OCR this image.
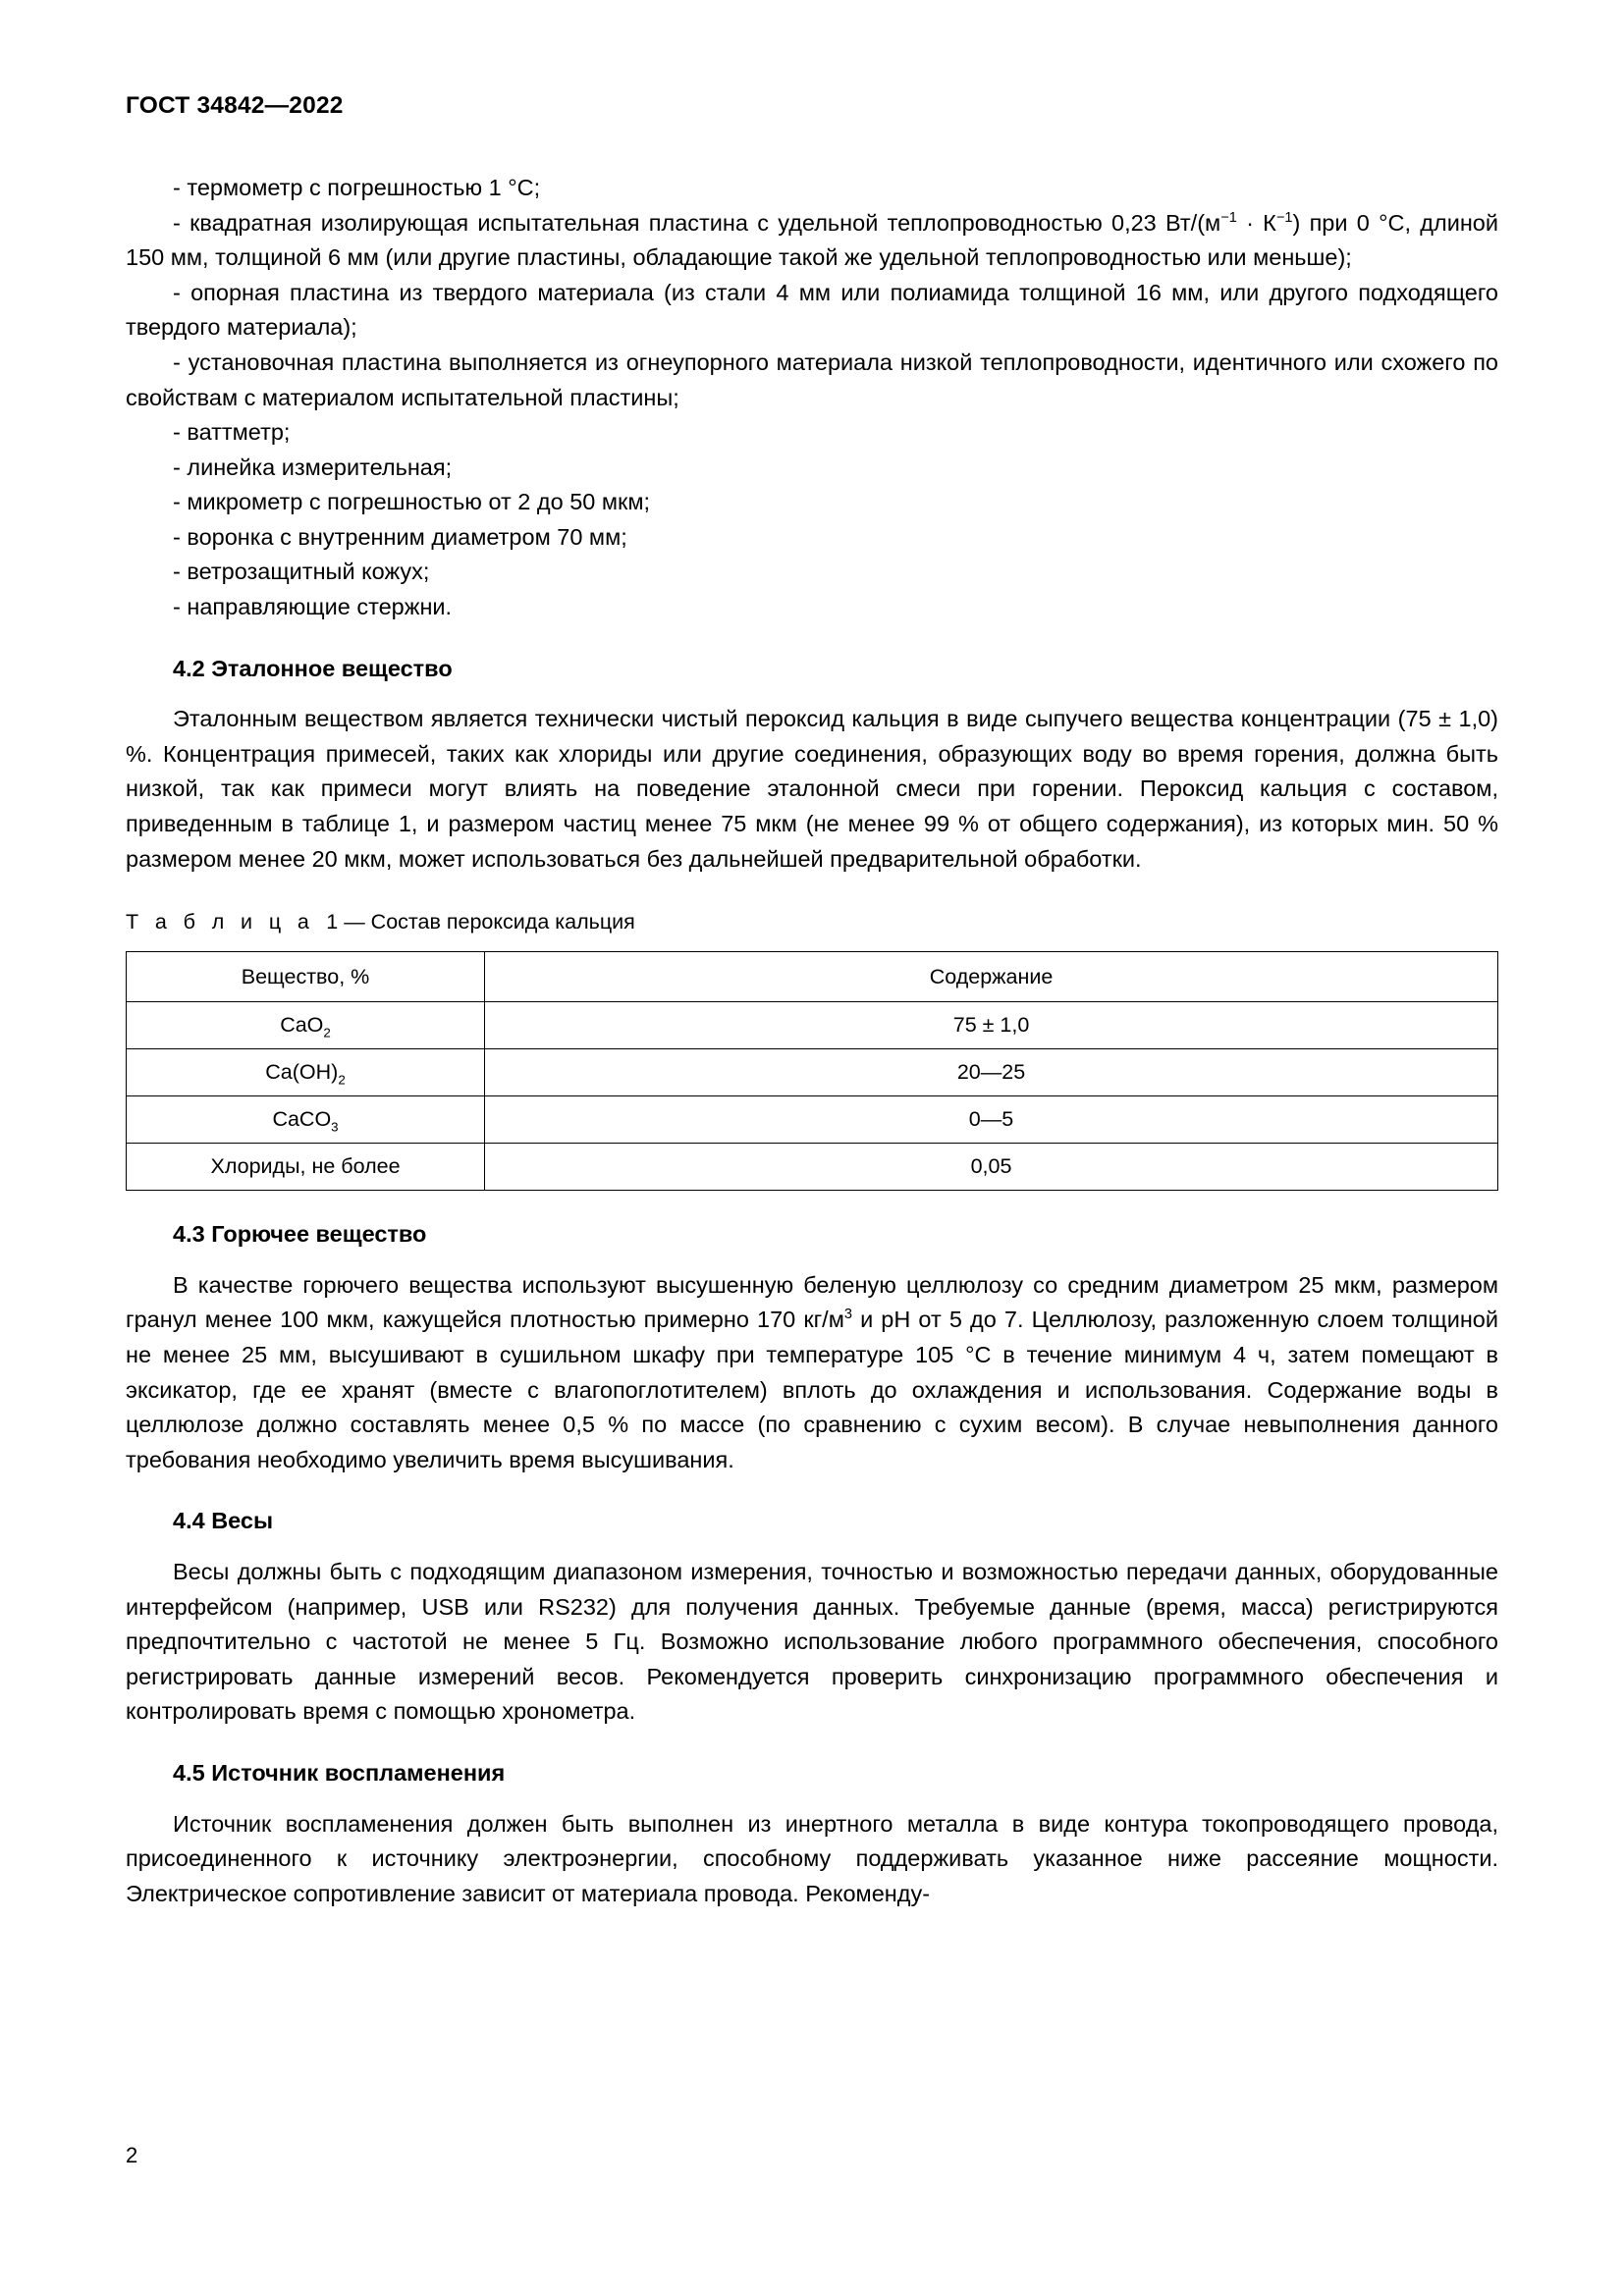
ГОСТ 34842—2022

- термометр с погрешностью 1 °C;

- квадратная изолирующая испытательная пластина с удельной теплопроводностью 0,23 $Вт/(м^{-1} \cdot К^{-1})$ при 0 °C, длиной 150 мм, толщиной 6 мм (или другие пластины, обладающие такой же удельной теплопроводностью или меньше);

- опорная пластина из твердого материала (из стали 4 мм или полиамида толщиной 16 мм, или другого подходящего твердого материала);

- установочная пластина выполняется из огнеупорного материала низкой теплопроводности, идентичного или схожего по свойствам с материалом испытательной пластины;

- ваттметр;

- линейка измерительная;

- микрометр с погрешностью от 2 до 50 мкм;

- воронка с внутренним диаметром 70 мм;

- ветрозащитный кожух;

- направляющие стержни.

4.2 Эталонное вещество

Эталонным веществом является технически чистый пероксид кальция в виде сыпучего вещества концентрации (75 ± 1,0) %. Концентрация примесей, таких как хлориды или другие соединения, образующих воду во время горения, должна быть низкой, так как примеси могут влиять на поведение эталонной смеси при горении. Пероксид кальция с составом, приведенным в таблице 1, и размером частиц менее 75 мкм (не менее 99 % от общего содержания), из которых мин. 50 % размером менее 20 мкм, может использоваться без дальнейшей предварительной обработки.

Т а б л и ц а 1 — Состав пероксида кальция

Вещество, %	Содержание
CaO$_2$	75 ± 1,0
$Ca(OH)_2$	20—25
CaCO$_3$	0—5
Хлориды, не более	0,05

4.3 Горючее вещество

В качестве горючего вещества используют высушенную беленую целлюлозу со средним диаметром 25 мкм, размером гранул менее 100 мкм, кажущейся плотностью примерно 170 $кг/м^3$ и pH от 5 до 7. Целлюлозу, разложенную слоем толщиной не менее 25 мм, высушивают в сушильном шкафу при температуре 105 °C в течение минимум 4 ч, затем помещают в эксикатор, где ее хранят (вместе с влагопоглотителем) вплоть до охлаждения и использования. Содержание воды в целлюлозе должно составлять менее 0,5 % по массе (по сравнению с сухим весом). В случае невыполнения данного требования необходимо увеличить время высушивания.

4.4 Весы

Весы должны быть с подходящим диапазоном измерения, точностью и возможностью передачи данных, оборудованные интерфейсом (например, USB или RS232) для получения данных. Требуемые данные (время, масса) регистрируются предпочтительно с частотой не менее 5 Гц. Возможно использование любого программного обеспечения, способного регистрировать данные измерений весов. Рекомендуется проверить синхронизацию программного обеспечения и контролировать время с помощью хронометра.

4.5 Источник воспламенения

Источник воспламенения должен быть выполнен из инертного металла в виде контура токопроводящего провода, присоединенного к источнику электроэнергии, способному поддерживать указанное ниже рассеяние мощности. Электрическое сопротивление зависит от материала провода. Рекоменду-

2
